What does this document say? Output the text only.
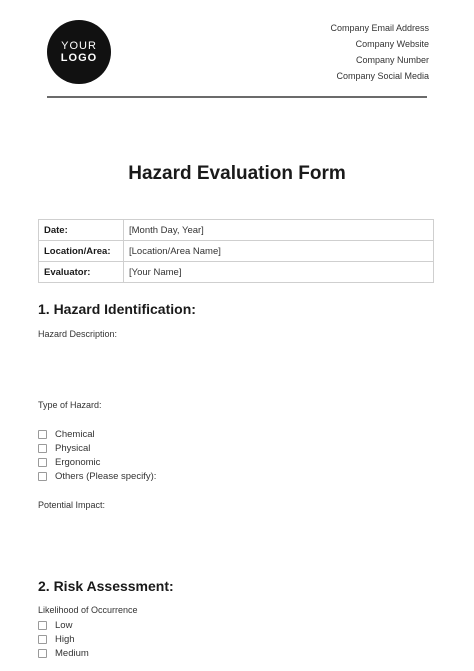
YOUR
LOGO
Company Email Address
Company Website
Company Number
Company Social Media
Hazard Evaluation Form
Date:	[Month Day, Year]
Location/Area:	[Location/Area Name]
Evaluator:	[Your Name]
1. Hazard Identification:
Hazard Description:
Type of Hazard:
Chemical
Physical
Ergonomic
Others (Please specify):
Potential Impact:
2. Risk Assessment:
Likelihood of Occurrence
Low
High
Medium
